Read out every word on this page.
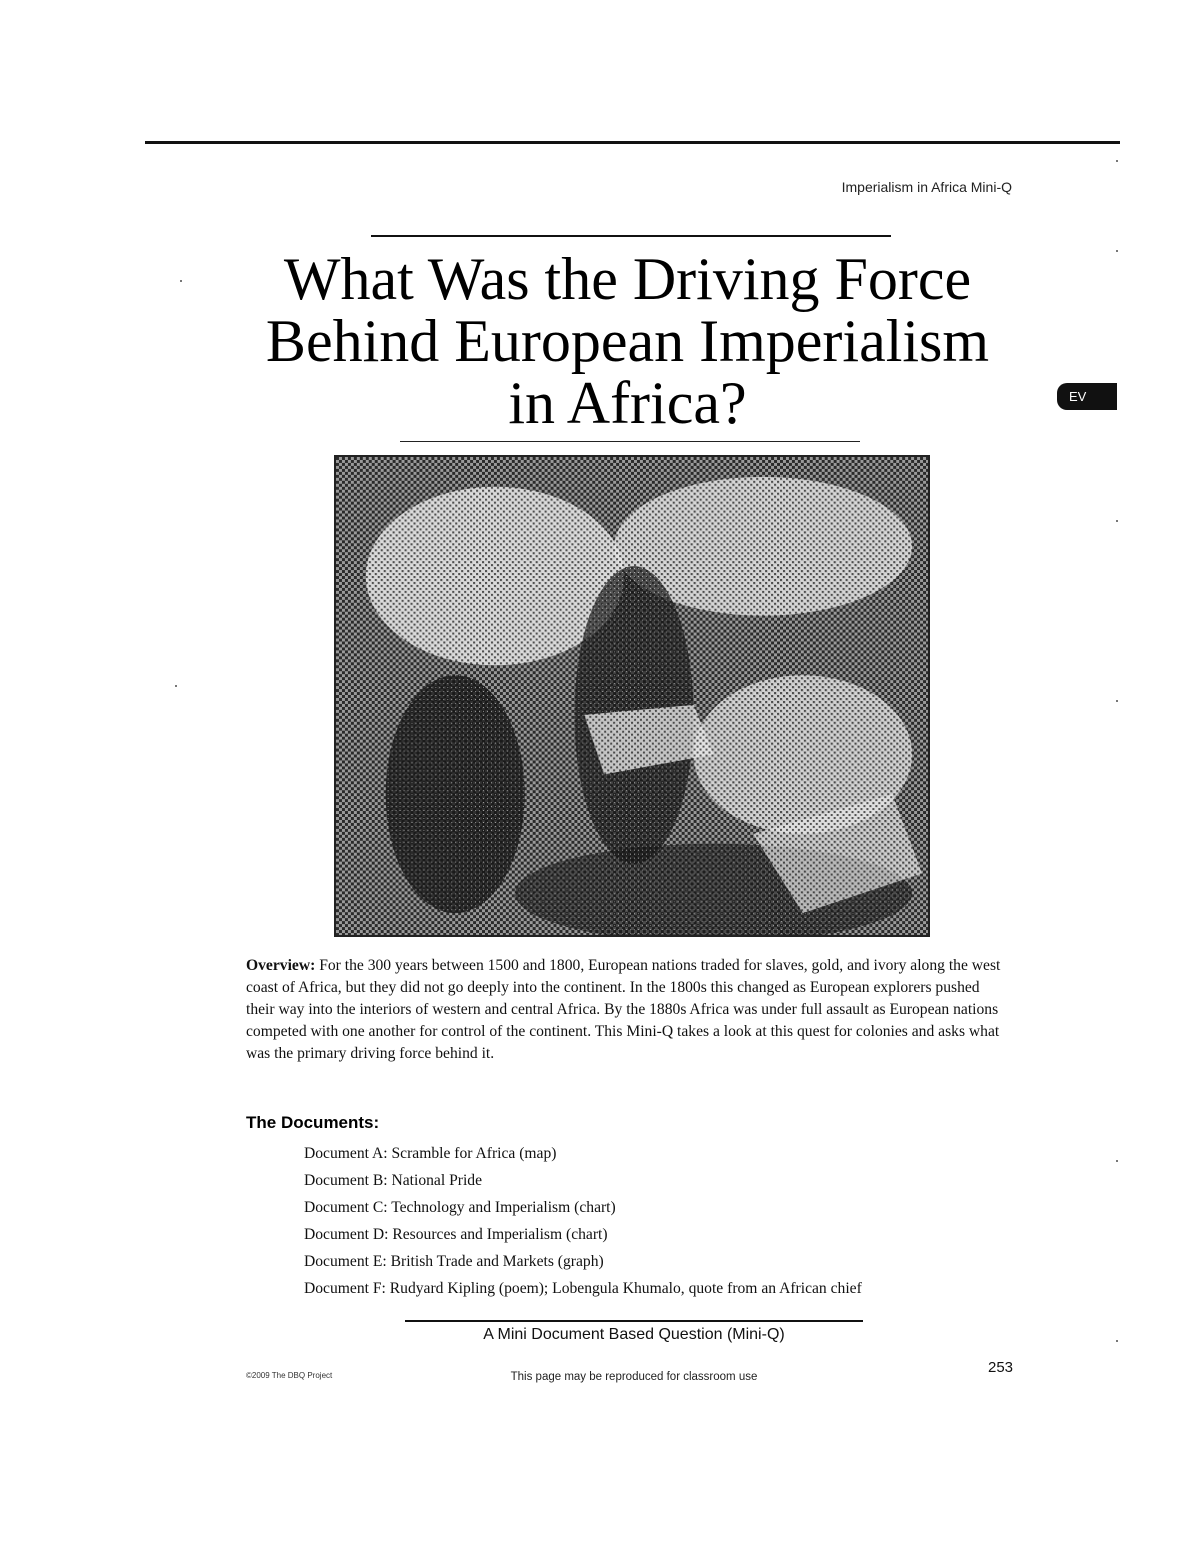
Imperialism in Africa Mini-Q
What Was the Driving Force
Behind European Imperialism
in Africa?	EV

Overview: For the 300 years between 1500 and 1800, European nations traded for slaves, gold, and ivory along the west coast of Africa, but they did not go deeply into the continent. In the 1800s this changed as European explorers pushed their way into the interiors of western and central Africa. By the 1880s Africa was under full assault as European nations competed with one another for control of the continent. This Mini-Q takes a look at this quest for colonies and asks what was the primary driving force behind it.

The Documents:
Document A: Scramble for Africa (map)
Document B: National Pride
Document C: Technology and Imperialism (chart)
Document D: Resources and Imperialism (chart)
Document E: British Trade and Markets (graph)
Document F: Rudyard Kipling (poem); Lobengula Khumalo, quote from an African chief
A Mini Document Based Question (Mini-Q)
253
©2009 The DBQ Project	This page may be reproduced for classroom use
